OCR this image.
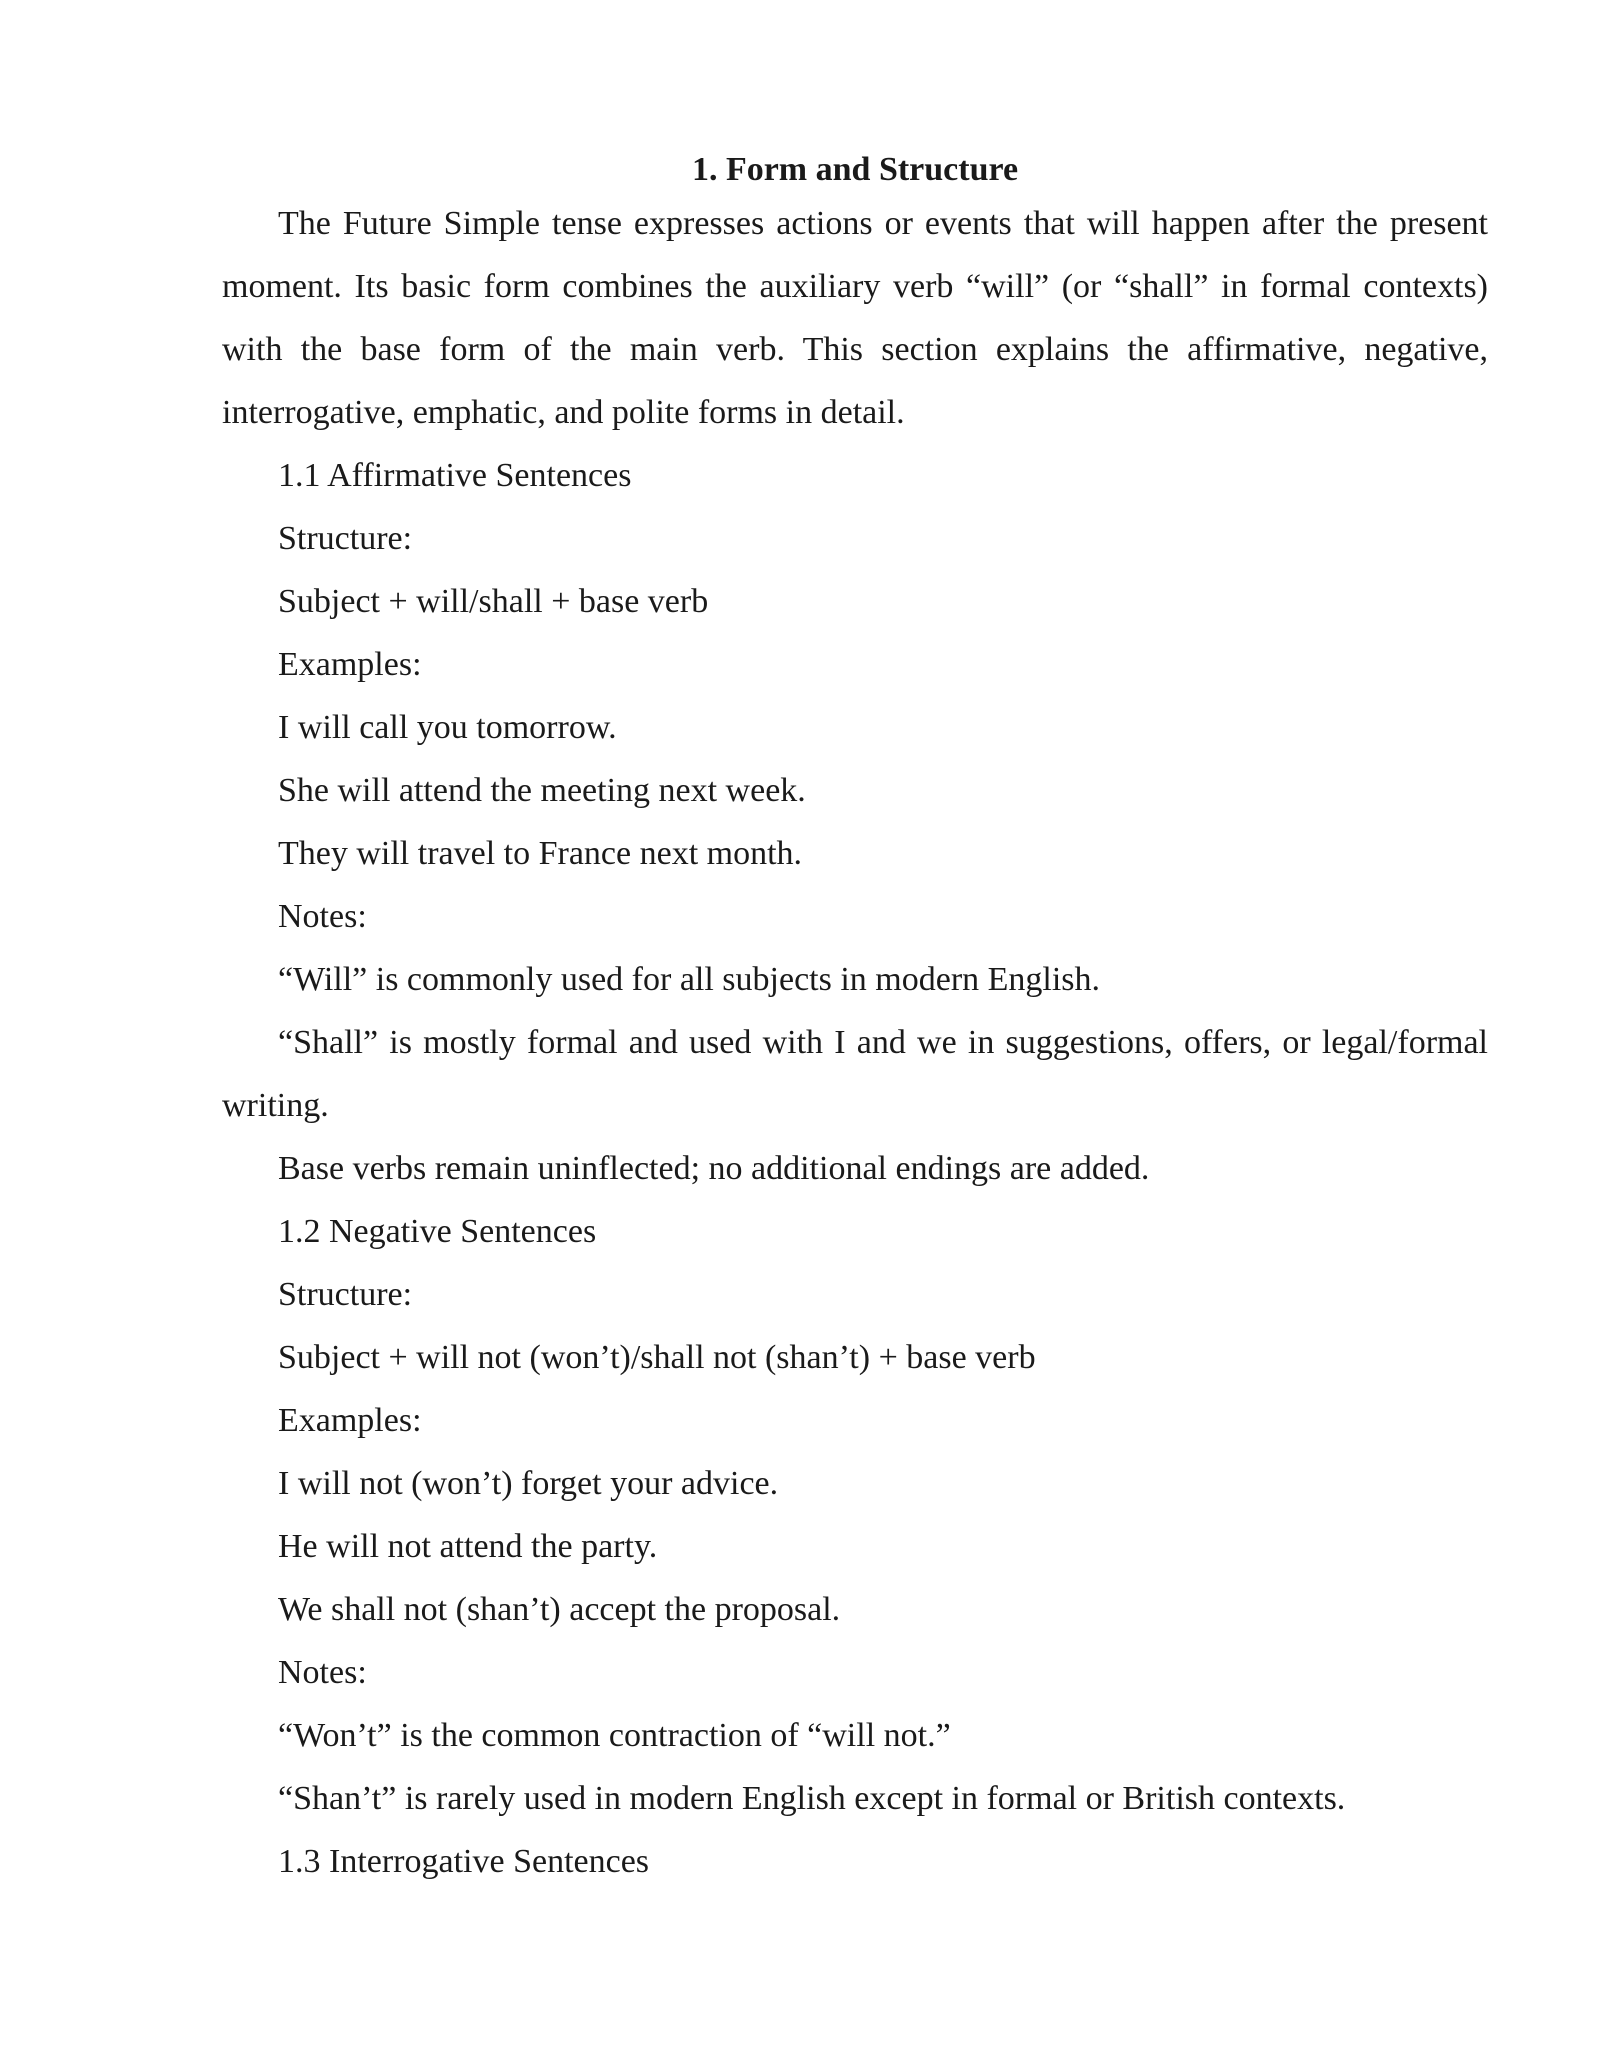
1. Form and Structure

The Future Simple tense expresses actions or events that will happen after the present moment. Its basic form combines the auxiliary verb “will” (or “shall” in formal contexts) with the base form of the main verb. This section explains the affirmative, negative, interrogative, emphatic, and polite forms in detail.

1.1 Affirmative Sentences

Structure:

Subject + will/shall + base verb

Examples:

I will call you tomorrow.

She will attend the meeting next week.

They will travel to France next month.

Notes:

“Will” is commonly used for all subjects in modern English.

“Shall” is mostly formal and used with I and we in suggestions, offers, or legal/formal writing.

Base verbs remain uninflected; no additional endings are added.

1.2 Negative Sentences

Structure:

Subject + will not (won’t)/shall not (shan’t) + base verb

Examples:

I will not (won’t) forget your advice.

He will not attend the party.

We shall not (shan’t) accept the proposal.

Notes:

“Won’t” is the common contraction of “will not.”

“Shan’t” is rarely used in modern English except in formal or British contexts.

1.3 Interrogative Sentences
